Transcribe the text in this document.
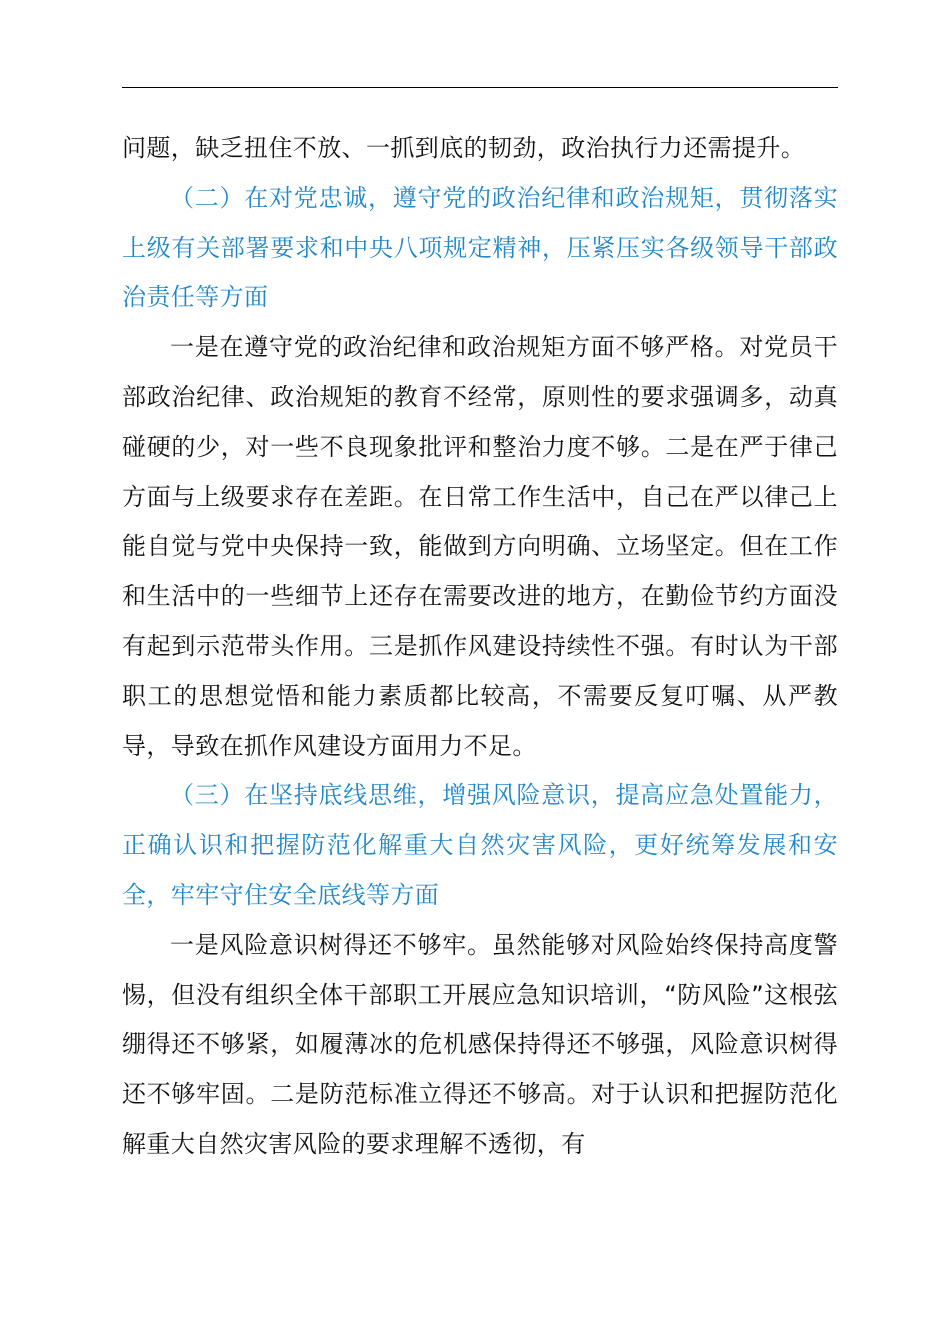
问题，缺乏扭住不放、一抓到底的韧劲，政治执行力还需提升。

（二）在对党忠诚，遵守党的政治纪律和政治规矩，贯彻落实上级有关部署要求和中央八项规定精神，压紧压实各级领导干部政治责任等方面

一是在遵守党的政治纪律和政治规矩方面不够严格。对党员干部政治纪律、政治规矩的教育不经常，原则性的要求强调多，动真碰硬的少，对一些不良现象批评和整治力度不够。二是在严于律己方面与上级要求存在差距。在日常工作生活中，自己在严以律己上能自觉与党中央保持一致，能做到方向明确、立场坚定。但在工作和生活中的一些细节上还存在需要改进的地方，在勤俭节约方面没有起到示范带头作用。三是抓作风建设持续性不强。有时认为干部职工的思想觉悟和能力素质都比较高，不需要反复叮嘱、从严教导，导致在抓作风建设方面用力不足。

（三）在坚持底线思维，增强风险意识，提高应急处置能力，正确认识和把握防范化解重大自然灾害风险，更好统筹发展和安全，牢牢守住安全底线等方面

一是风险意识树得还不够牢。虽然能够对风险始终保持高度警惕，但没有组织全体干部职工开展应急知识培训，“防风险”这根弦绷得还不够紧，如履薄冰的危机感保持得还不够强，风险意识树得还不够牢固。二是防范标准立得还不够高。对于认识和把握防范化解重大自然灾害风险的要求理解不透彻，有
